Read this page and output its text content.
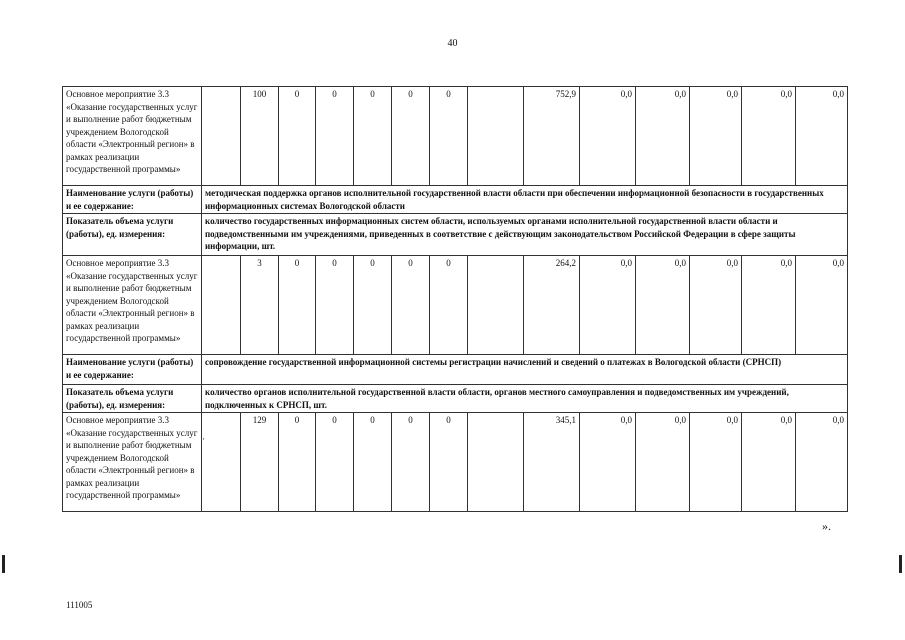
40
Основное мероприятие 3.3 «Оказание государственных услуг и выполнение работ бюджетным учреждением Вологодской области «Электронный регион» в рамках реализации государственной программы»		100	0	0	0	0	0		752,9	0,0	0,0	0,0	0,0	0,0
Наименование услуги (работы) и ее содержание:	методическая поддержка органов исполнительной государственной власти области при обеспечении информационной безопасности в государственных информационных системах Вологодской области													
Показатель объема услуги (работы), ед. измерения:	количество государственных информационных систем области, используемых органами исполнительной государственной власти области и подведомственными им учреждениями, приведенных в соответствие с действующим законодательством Российской Федерации в сфере защиты информации, шт.													
Основное мероприятие 3.3 «Оказание государственных услуг и выполнение работ бюджетным учреждением Вологодской области «Электронный регион» в рамках реализации государственной программы»		3	0	0	0	0	0		264,2	0,0	0,0	0,0	0,0	0,0
Наименование услуги (работы) и ее содержание:	сопровождение государственной информационной системы регистрации начислений и сведений о платежах в Вологодской области (СРНСП)													
Показатель объема услуги (работы), ед. измерения:	количество органов исполнительной государственной власти области, органов местного самоуправления и подведомственных им учреждений, подключенных к СРНСП, шт.													
Основное мероприятие 3.3 «Оказание государственных услуг и выполнение работ бюджетным учреждением Вологодской области «Электронный регион» в рамках реализации государственной программы»	·	129	0	0	0	0	0		345,1	0,0	0,0	0,0	0,0	0,0
».
111005
